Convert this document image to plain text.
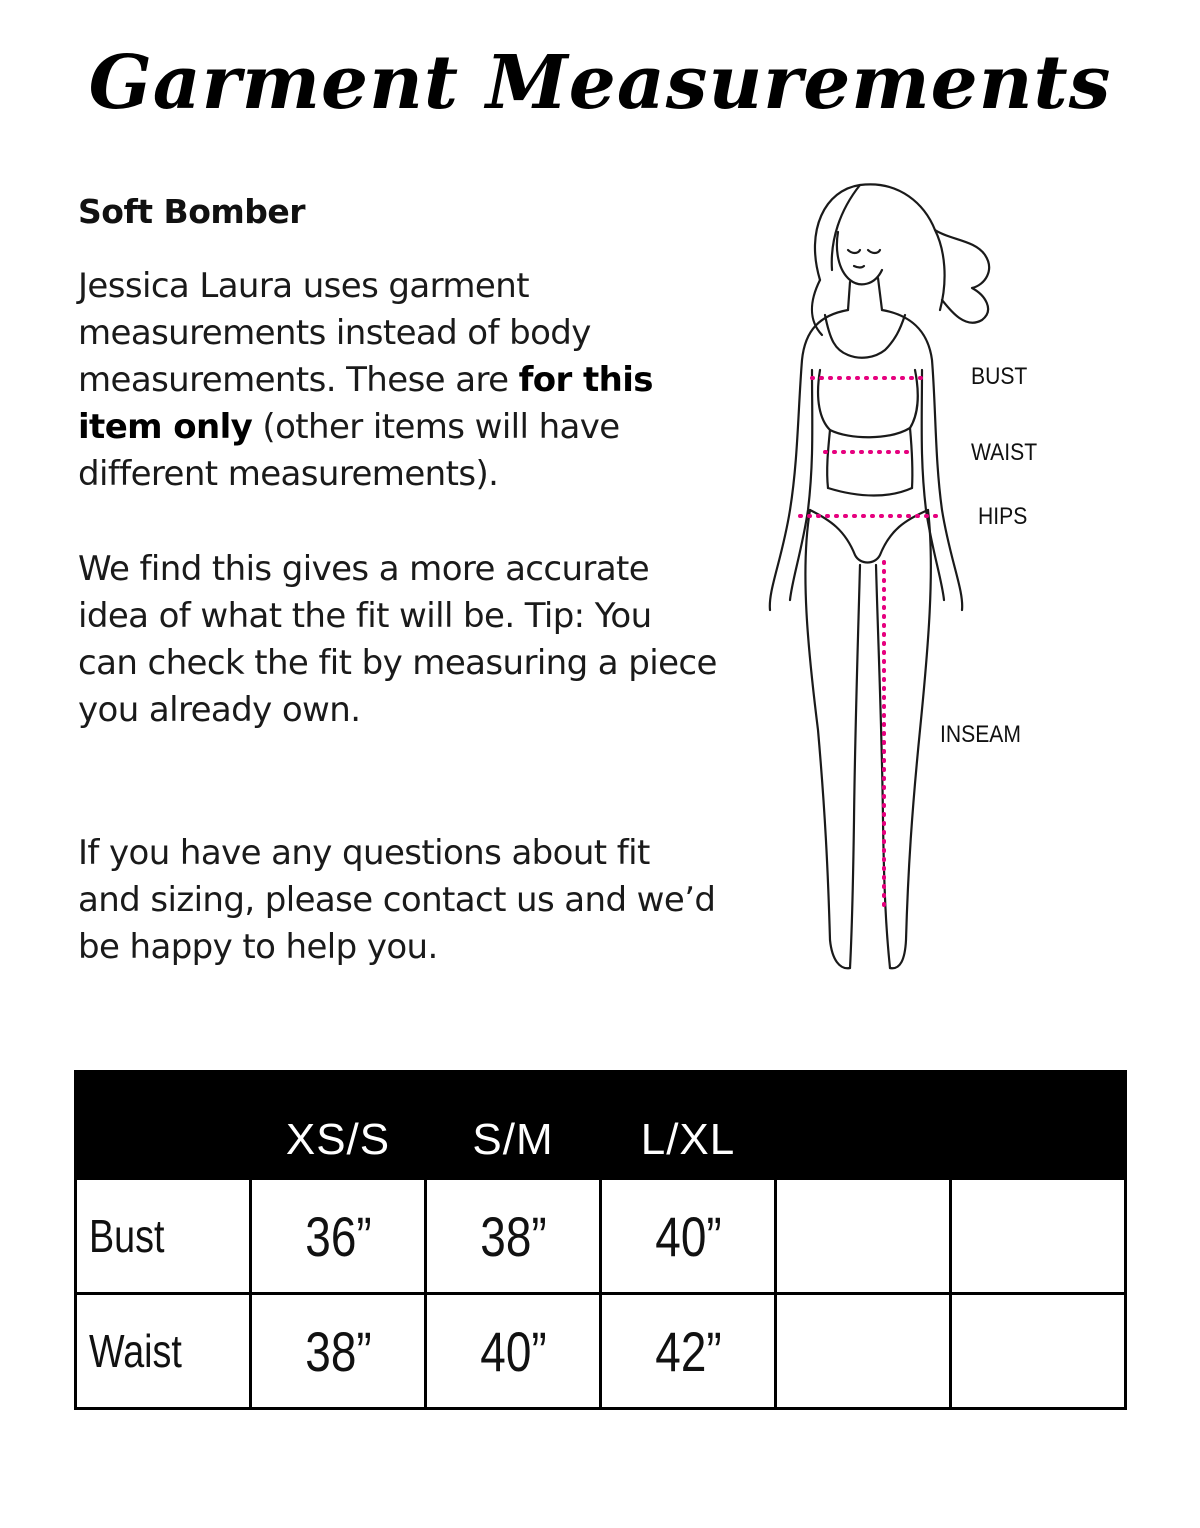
Garment Measurements
Soft Bomber

Jessica Laura uses garment measurements instead of body measurements. These are for this item only (other items will have different measurements).

We find this gives a more accurate idea of what the fit will be. Tip: You can check the fit by measuring a piece you already own.

If you have any questions about fit and sizing, please contact us and we’d be happy to help you.

BUST
WAIST
HIPS
INSEAM
	XS/S	S/M	L/XL		
Bust	36”	38”	40”		
Waist	38”	40”	42”		
